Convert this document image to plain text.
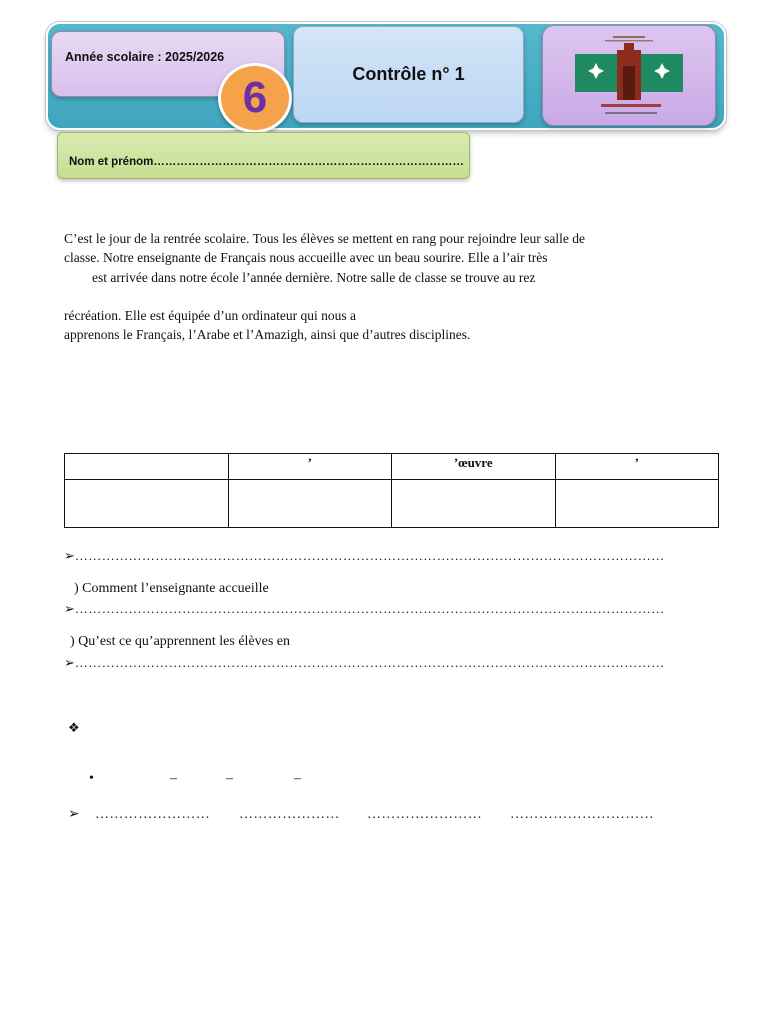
Année scolaire : 2025/2026
6	Contrôle n° 1
Nom et prénom………………………………………………………………………
C’est le jour de la rentrée scolaire. Tous les élèves se mettent en rang pour rejoindre leur salle de
classe. Notre enseignante de Français nous accueille avec un beau sourire. Elle a l’air très
est arrivée dans notre école l’année dernière. Notre salle de classe se trouve au rez
récréation. Elle est équipée d’un ordinateur qui nous a
apprenons le Français, l’Arabe et l’Amazigh, ainsi que d’autres disciplines.
	’	’œuvre	’

➢……………………………………………………………………………………………………………………
) Comment l’enseignante accueille
➢……………………………………………………………………………………………………………………
) Qu’est ce qu’apprennent les élèves en
➢……………………………………………………………………………………………………………………
❖
•	–	–	–
➢ …………………… ………………… …………………… …………………………
